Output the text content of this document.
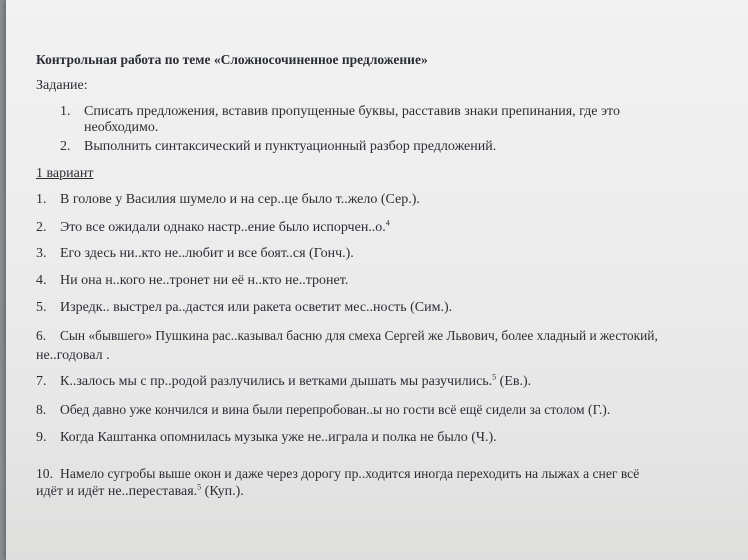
Контрольная работа по теме «Сложносочиненное предложение»
Задание:
1. Списать предложения, вставив пропущенные буквы, расставив знаки препинания, где это
необходимо.
2. Выполнить синтаксический и пунктуационный разбор предложений.
1 вариант
1. В голове у Василия шумело и на сер..це было т..жело (Сер.).
2. Это все ожидали однако настр..ение было испорчен..о.$^4$
3. Его здесь ни..кто не..любит и все боят..ся (Гонч.).
4. Ни она н..кого не..тронет ни её н..кто не..тронет.
5. Изредк.. выстрел ра..дастся или ракета осветит мес..ность (Сим.).
6. Сын «бывшего» Пушкина рас..казывал басню для смеха Сергей же Львович, более хладный и жестокий,
не..годовал .
7. К..залось мы с пр..родой разлучились и ветками дышать мы разучились.$^5$ (Ев.).
8. Обед давно уже кончился и вина были перепробован..ы но гости всё ещё сидели за столом (Г.).
9. Когда Каштанка опомнилась музыка уже не..играла и полка не было (Ч.).
10. Намело сугробы выше окон и даже через дорогу пр..ходится иногда переходить на лыжах а снег всё
идёт и идёт не..переставая.$^5$ (Куп.).
